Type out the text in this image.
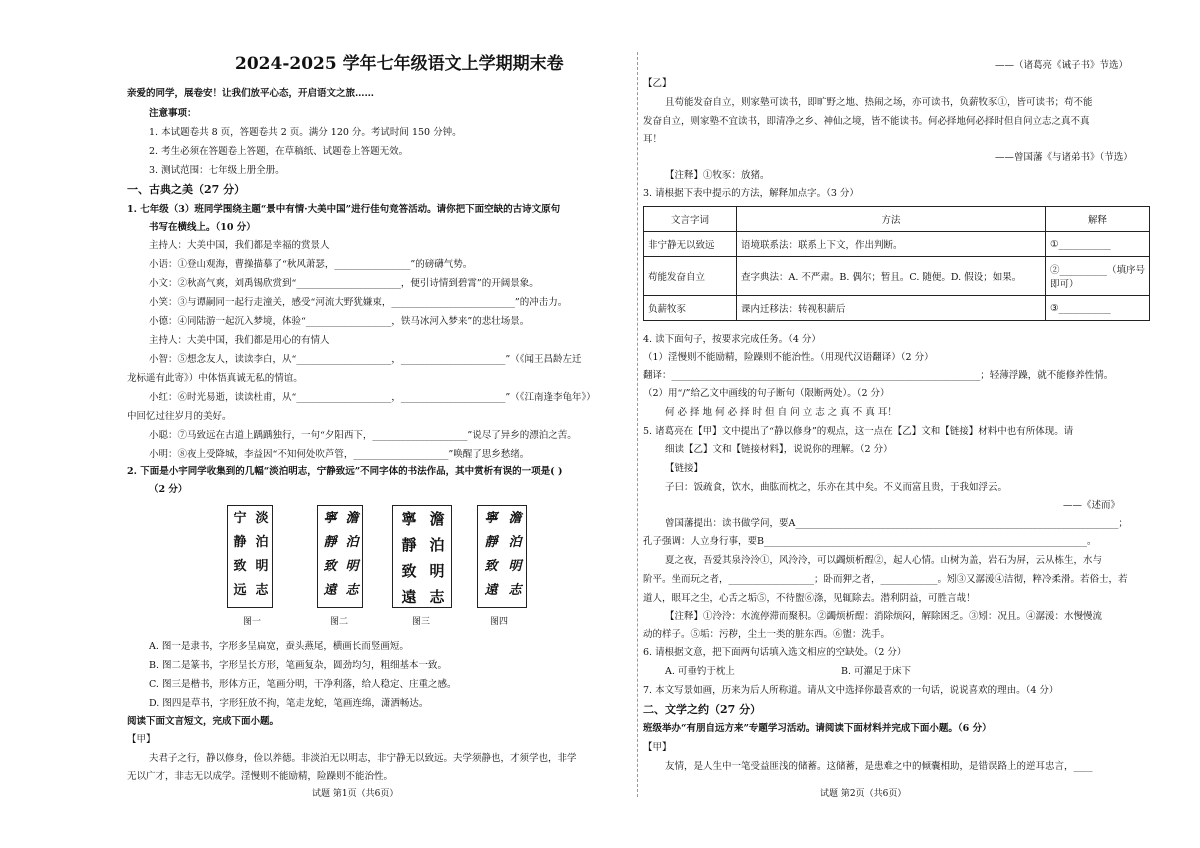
2024-2025 学年七年级语文上学期期末卷
亲爱的同学，展卷安！让我们放平心态，开启语文之旅……
注意事项：
1. 本试题卷共 8 页，答题卷共 2 页。满分 120 分。考试时间 150 分钟。
2. 考生必须在答题卷上答题，在草稿纸、试题卷上答题无效。
3. 测试范围：七年级上册全册。
一、古典之美（27 分）
1. 七年级（3）班同学围绕主题“景中有情·大美中国”进行佳句竞答活动。请你把下面空缺的古诗文原句
书写在横线上。（10 分）
主持人：大美中国，我们都是幸福的赏景人
小语：①登山观海，曹操描摹了“秋风萧瑟，________________”的磅礴气势。
小文：②秋高气爽，刘禹锡欣赏到“______________________，便引诗情到碧霄”的开阔景象。
小笑：③与谭嗣同一起行走潼关，感受“河流大野犹嫌束，__________________________”的冲击力。
小德：④同陆游一起沉入梦境，体验“__________________，铁马冰河入梦来”的悲壮场景。
主持人：大美中国，我们都是用心的有情人
小智：⑤想念友人，读读李白，从“____________________，______________________”（《闻王昌龄左迁
龙标遥有此寄》）中体悟真诚无私的情谊。
小红：⑥时光易逝，读读杜甫，从“____________________，______________________”（《江南逢李龟年》）
中回忆过往岁月的美好。
小聪：⑦马致远在古道上踽踽独行，一句“夕阳西下，____________________”说尽了异乡的漂泊之苦。
小明：⑧夜上受降城，李益因“不知何处吹芦管，____________________”唤醒了思乡愁绪。
2. 下面是小宇同学收集到的几幅“淡泊明志，宁静致远”不同字体的书法作品，其中赏析有误的一项是( )
（2 分）
淡
泊
明
志
宁
静
致
远
澹
泊
明
志
寧
靜
致
遠
澹
泊
明
志
寧
靜
致
遠
澹
泊
明
志
寧
靜
致
遠
图一	图二	图三	图四
A. 图一是隶书，字形多呈扁宽，蚕头燕尾，横画长而竖画短。
B. 图二是篆书，字形呈长方形，笔画复杂，圆劲均匀，粗细基本一致。
C. 图三是楷书，形体方正，笔画分明，干净利落，给人稳定、庄重之感。
D. 图四是草书，字形狂放不拘，笔走龙蛇，笔画连绵，潇洒畅达。
阅读下面文言短文，完成下面小题。
【甲】
夫君子之行，静以修身，俭以养德。非淡泊无以明志，非宁静无以致远。夫学须静也，才须学也，非学
无以广才，非志无以成学。淫慢则不能励精，险躁则不能治性。
试题 第1页（共6页）
——（诸葛亮《诫子书》节选）
【乙】
且苟能发奋自立，则家塾可读书，即旷野之地、热闹之场，亦可读书，负薪牧豕①，皆可读书；苟不能
发奋自立，则家塾不宜读书，即清净之乡、神仙之境，皆不能读书。何必择地何必择时但自问立志之真不真
耳！
——曾国藩《与诸弟书》（节选）
【注释】①牧豕：放猪。
3. 请根据下表中提示的方法，解释加点字。（3 分）
文言字词	方法	解释
非宁静无以致远	语境联系法：联系上下文，作出判断。	①___________
苟能发奋自立	查字典法：A. 不严肃。B. 偶尔；暂且。C. 随便。D. 假设；如果。	②__________（填序号即可）
负薪牧豕	课内迁移法：转视积薪后	③___________
4. 读下面句子，按要求完成任务。（4 分）
（1）淫慢则不能励精，险躁则不能治性。（用现代汉语翻译）（2 分）
翻译：_________________________________________________________________；轻薄浮躁，就不能修养性情。
（2）用“/”给乙文中画线的句子断句（限断两处）。（2 分）
何 必 择 地 何 必 择 时 但 自 问 立 志 之 真 不 真 耳！
5. 诸葛亮在【甲】文中提出了“静以修身”的观点，这一点在【乙】文和【链接】材料中也有所体现。请
细读【乙】文和【链接材料】，说说你的理解。（2 分）
【链接】
子曰：饭疏食，饮水，曲肱而枕之，乐亦在其中矣。不义而富且贵，于我如浮云。
——《述而》
曾国藩提出：读书做学问，要A____________________________________________________________________；
孔子强调：人立身行事，要B____________________________________________________________________。
夏之夜，吾爱其泉泠泠①，风泠泠，可以蠲烦析酲②，起人心情。山树为盖，岩石为屏，云从栋生，水与
阶平。坐而玩之者，__________________；卧而狎之者，____________。矧③又潺湲④洁彻，粹冷柔滑。若俗士，若
道人，眼耳之尘，心舌之垢⑤，不待盥⑥涤，见辄除去。潜利阴益，可胜言哉！
【注释】①泠泠：水流停滞而聚积。②蠲烦析酲：消除烦闷，解除困乏。③矧：况且。④潺湲：水慢慢流
动的样子。⑤垢：污秽，尘土一类的脏东西。⑥盥：洗手。
6. 请根据文意，把下面两句话填入选文相应的空缺处。（2 分）
A. 可垂钓于枕上	B. 可濯足于床下
7. 本文写景如画，历来为后人所称道。请从文中选择你最喜欢的一句话，说说喜欢的理由。（4 分）
二、文学之约（27 分）
班级举办“有朋自远方来”专题学习活动。请阅读下面材料并完成下面小题。（6 分）
【甲】
友情，是人生中一笔受益匪浅的储蓄。这储蓄，是患难之中的倾囊相助，是错误路上的逆耳忠言，____
试题 第2页（共6页）
